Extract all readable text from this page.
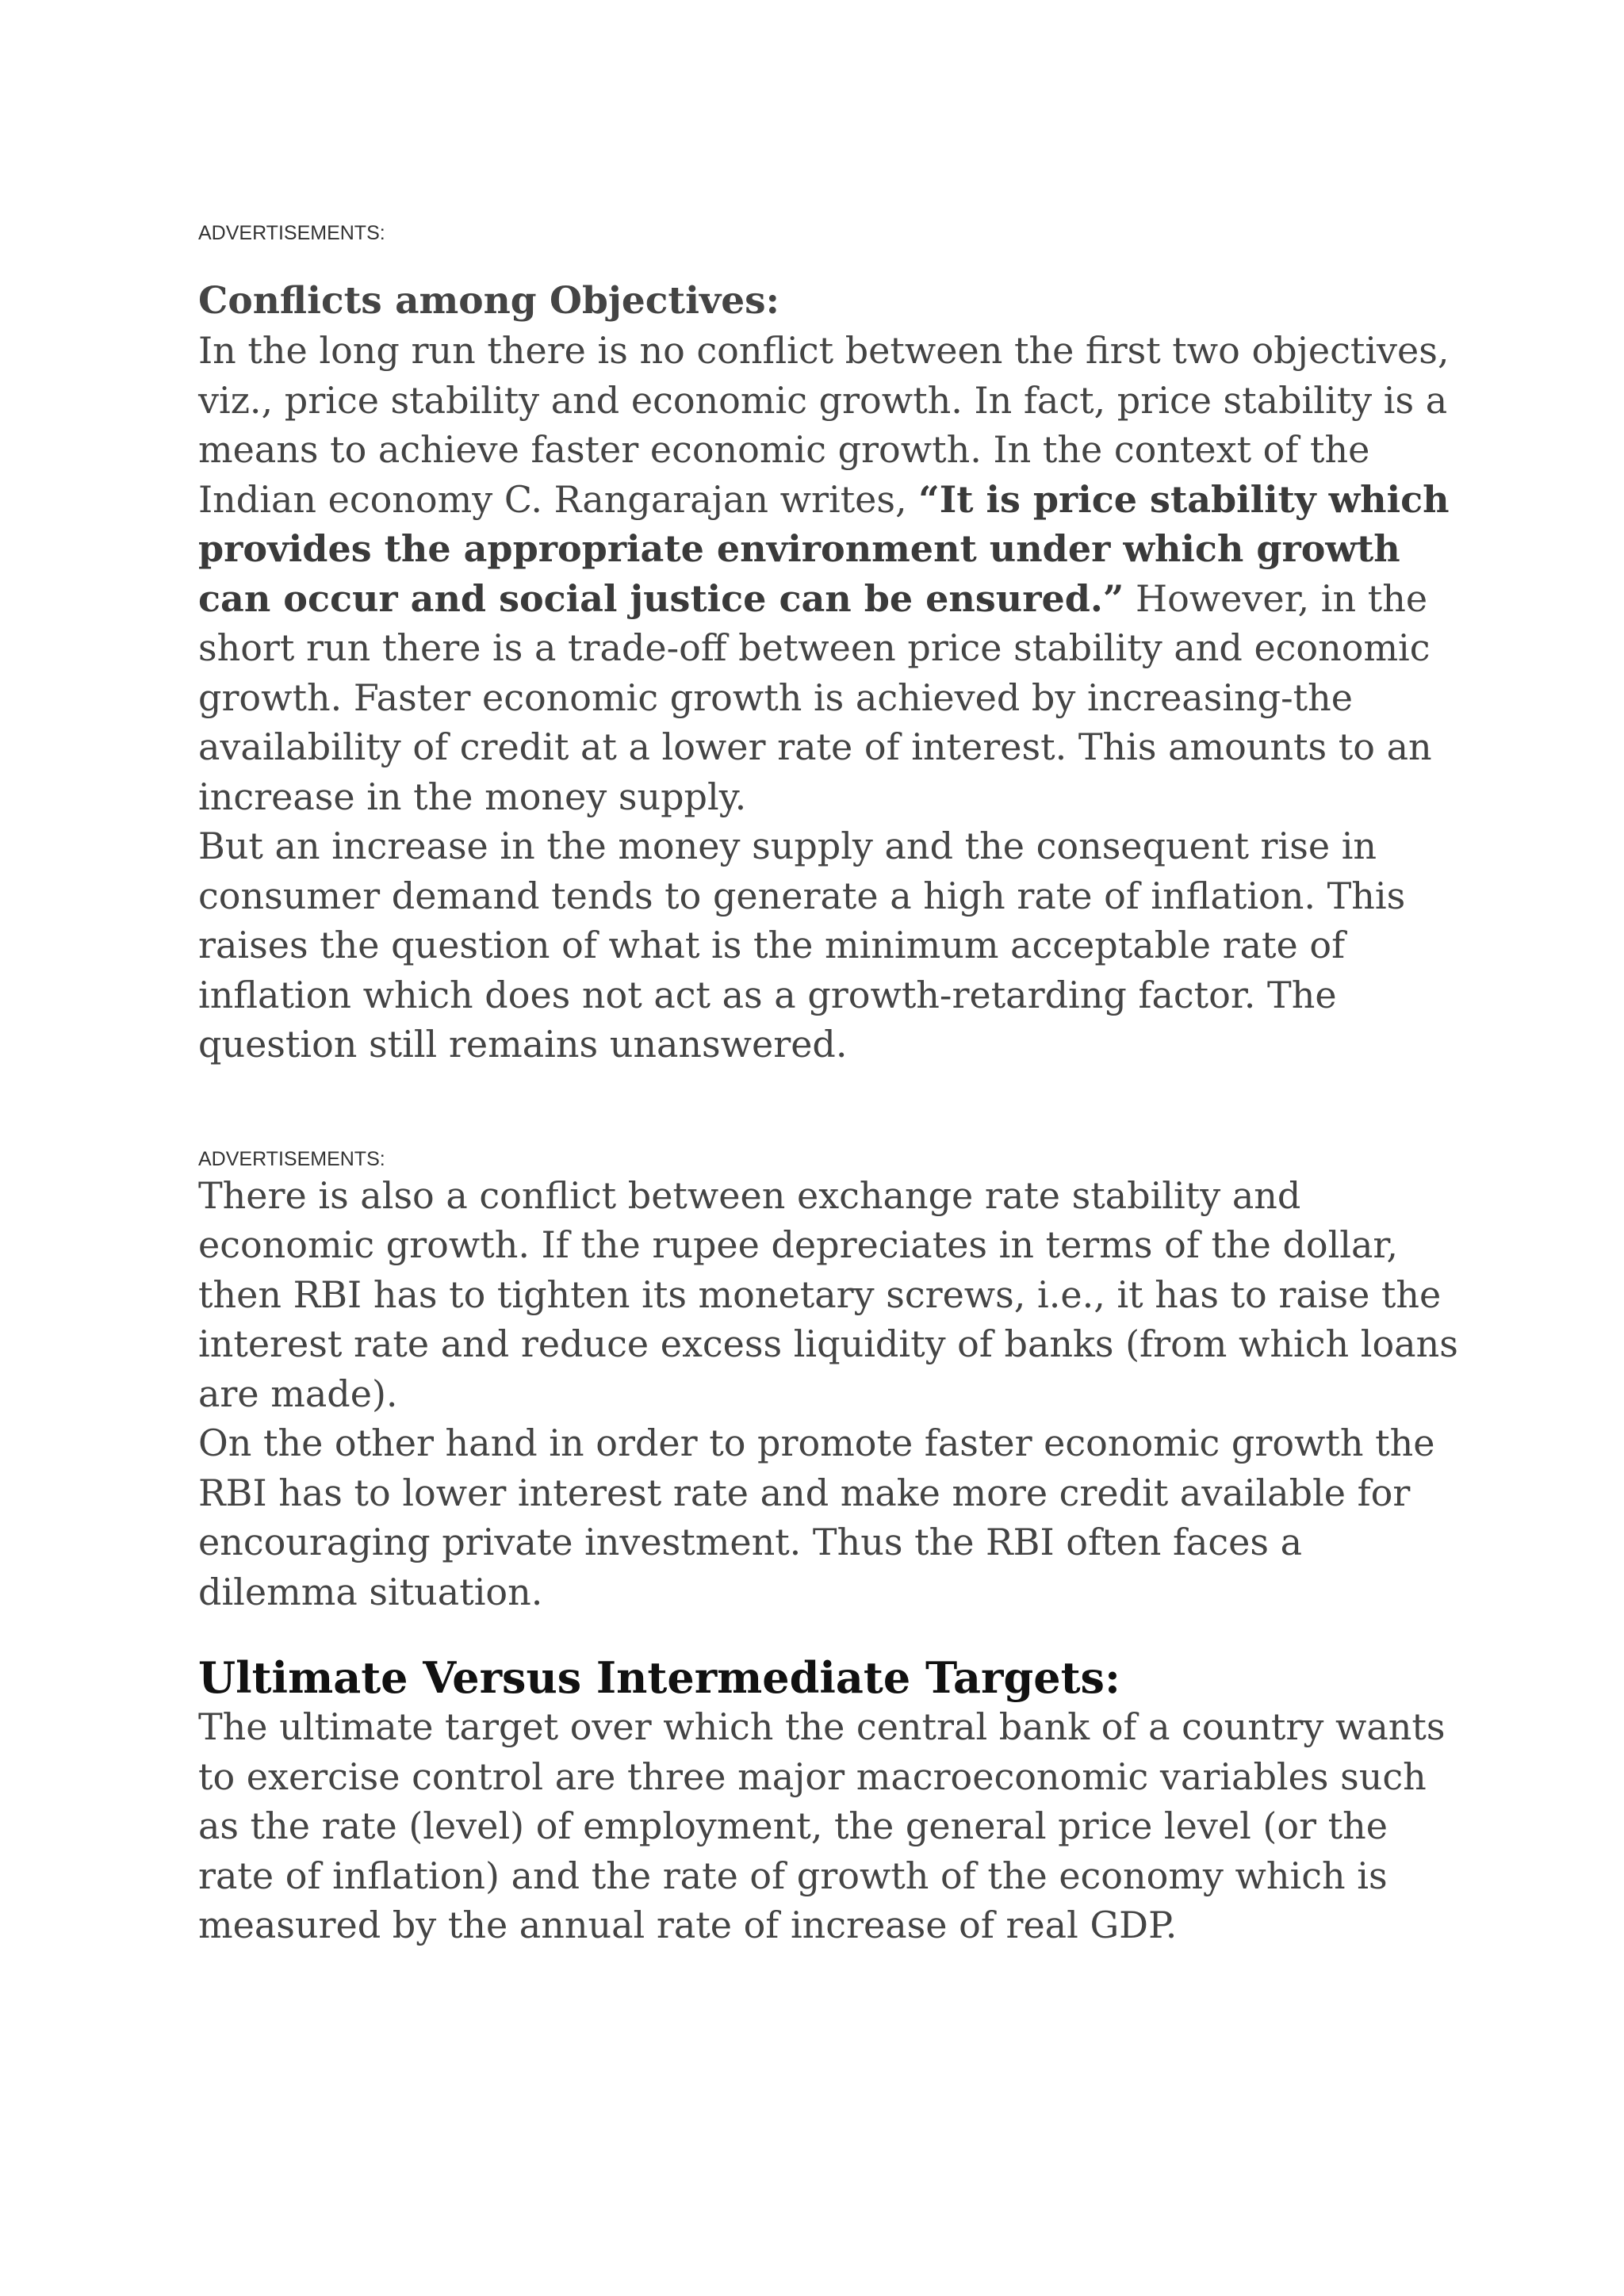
ADVERTISEMENTS:

Conflicts among Objectives:

In the long run there is no conflict between the first two objectives, viz., price stability and economic growth. In fact, price stability is a means to achieve faster economic growth. In the context of the Indian economy C. Rangarajan writes, “It is price stability which provides the appropriate environment under which growth can occur and social justice can be ensured.” However, in the short run there is a trade-off between price stability and economic growth. Faster economic growth is achieved by increasing-the availability of credit at a lower rate of interest. This amounts to an increase in the money supply.

But an increase in the money supply and the consequent rise in consumer demand tends to generate a high rate of inflation. This raises the question of what is the minimum acceptable rate of inflation which does not act as a growth-retarding factor. The question still remains unanswered.

ADVERTISEMENTS:

There is also a conflict between exchange rate stability and economic growth. If the rupee depreciates in terms of the dollar, then RBI has to tighten its monetary screws, i.e., it has to raise the interest rate and reduce excess liquidity of banks (from which loans are made).

On the other hand in order to promote faster economic growth the RBI has to lower interest rate and make more credit available for encouraging private investment. Thus the RBI often faces a dilemma situation.

Ultimate Versus Intermediate Targets:

The ultimate target over which the central bank of a country wants to exercise control are three major macroeconomic variables such as the rate (level) of employment, the general price level (or the rate of inflation) and the rate of growth of the economy which is measured by the annual rate of increase of real GDP.
